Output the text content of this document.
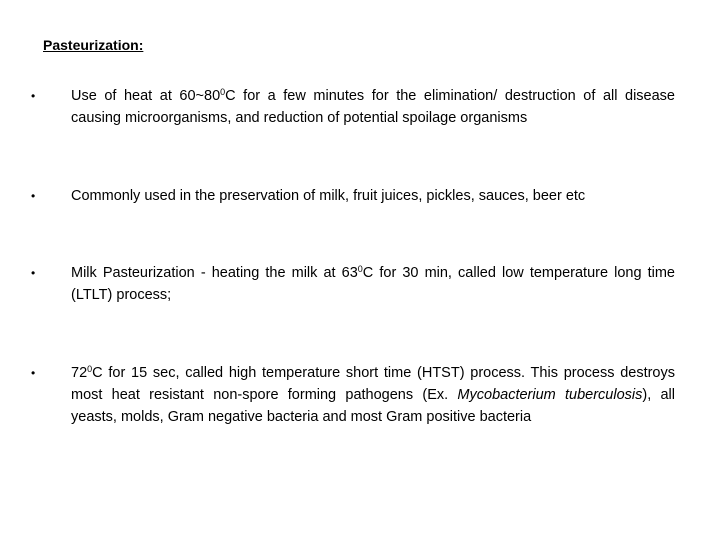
Pasteurization:
•	Use of heat at $60\sim 80^0C$ for a few minutes for the elimination/ destruction of all disease causing microorganisms, and reduction of potential spoilage organisms
•	Commonly used in the preservation of milk, fruit juices, pickles, sauces, beer etc
•	Milk Pasteurization - heating the milk at $63^0C$ for 30 min, called low temperature long time (LTLT) process;
•	$72^0C$ for 15 sec, called high temperature short time (HTST) process. This process destroys most heat resistant non-spore forming pathogens (Ex. Mycobacterium tuberculosis), all yeasts, molds, Gram negative bacteria and most Gram positive bacteria
